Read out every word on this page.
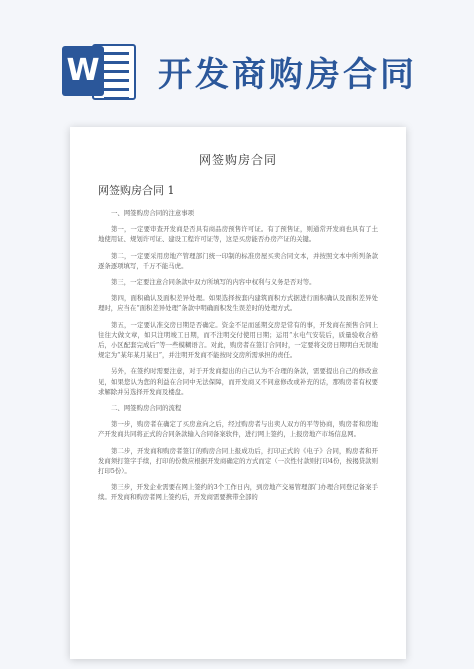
W 开发商购房合同
网签购房合同
网签购房合同 1

一、网签购房合同的注意事项

第一，一定要审查开发商是否具有商品房预售许可证。有了预售证，则通常开发商也具有了土地使用证、规划许可证、建设工程许可证等，这是买房能否办房产证的关键。

第二，一定要采用房地产管理部门统一印制的标准房屋买卖合同文本，并按照文本中所列条款逐条逐项填写，千万不能马虎。

第三，一定要注意合同条款中双方所填写的内容中权利与义务是否对等。

第四，面积确认及面积差异处理。如果选择按套内建筑面积方式据进行面积确认及面积差异处理时，应当在“面积差异处理”条款中明确面积发生误差时的处理方式。

第五，一定要认准交房日期是否确定。资金不足而延期交房是常有的事，开发商在预售合同上往往大做文章，如只注明竣工日期，而不注明交付使用日期；运用“水电气安装后，质量验收合格后，小区配套完成后”等一些模糊语言。对此，购房者在签订合同时，一定要将交房日期明白无误地规定为“某年某月某日”，并注明开发商不能按时交房所需承担的责任。

另外，在签约时需要注意，对于开发商提出的自己认为不合理的条款，需要提出自己的修改意见，如果您认为您的利益在合同中无法保障，而开发商又不同意修改或补充的话，那购房者有权要求解除并另选择开发商及楼盘。

二、网签购房合同的流程

第一步，购房者在确定了买房意向之后，经过购房者与出卖人双方的平等协商，购房者和房地产开发商共同将正式的合同条款输入合同备案软件，进行网上签约，上报房地产市场信息网。

第二步，开发商和购房者签订的购房合同上报成功后，打印正式的《电子》合同，购房者和开发商须打签字手续，打印的份数应根据开发商确定的方式而定（一次性付款则打印4份，按揭贷款则打印5份）。

第三步，开发企业需要在网上签约的3个工作日内，到房地产交易管理部门办理合同登记备案手续。开发商和购房者网上签约后，开发商需要携带全部的
